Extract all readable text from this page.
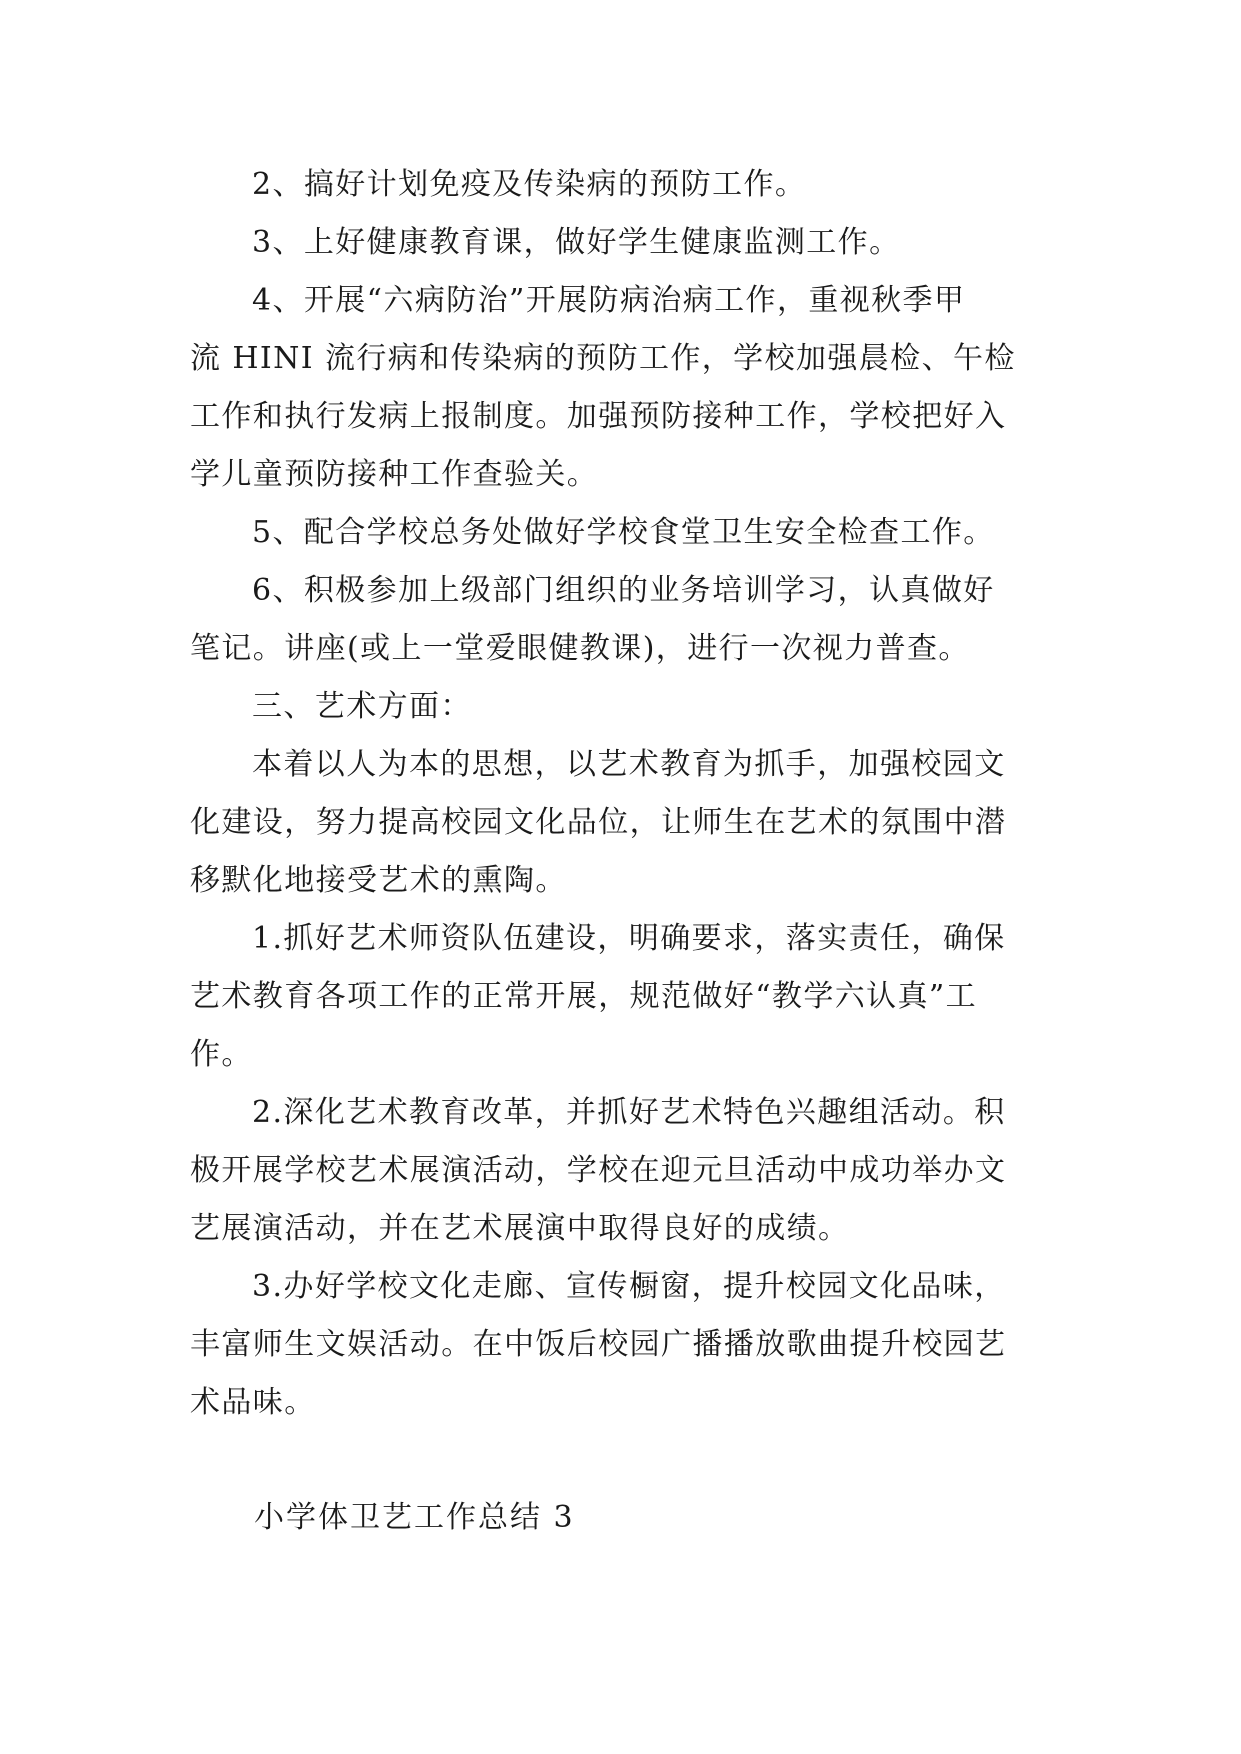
2、搞好计划免疫及传染病的预防工作。
3、上好健康教育课，做好学生健康监测工作。
4、开展“六病防治”开展防病治病工作，重视秋季甲
流 HINI 流行病和传染病的预防工作，学校加强晨检、午检
工作和执行发病上报制度。加强预防接种工作，学校把好入
学儿童预防接种工作查验关。
5、配合学校总务处做好学校食堂卫生安全检查工作。
6、积极参加上级部门组织的业务培训学习，认真做好
笔记。讲座(或上一堂爱眼健教课)，进行一次视力普查。
三、艺术方面：
本着以人为本的思想，以艺术教育为抓手，加强校园文
化建设，努力提高校园文化品位，让师生在艺术的氛围中潜
移默化地接受艺术的熏陶。
1.抓好艺术师资队伍建设，明确要求，落实责任，确保
艺术教育各项工作的正常开展，规范做好“教学六认真”工
作。
2.深化艺术教育改革，并抓好艺术特色兴趣组活动。积
极开展学校艺术展演活动，学校在迎元旦活动中成功举办文
艺展演活动，并在艺术展演中取得良好的成绩。
3.办好学校文化走廊、宣传橱窗，提升校园文化品味，
丰富师生文娱活动。在中饭后校园广播播放歌曲提升校园艺
术品味。
小学体卫艺工作总结 3
